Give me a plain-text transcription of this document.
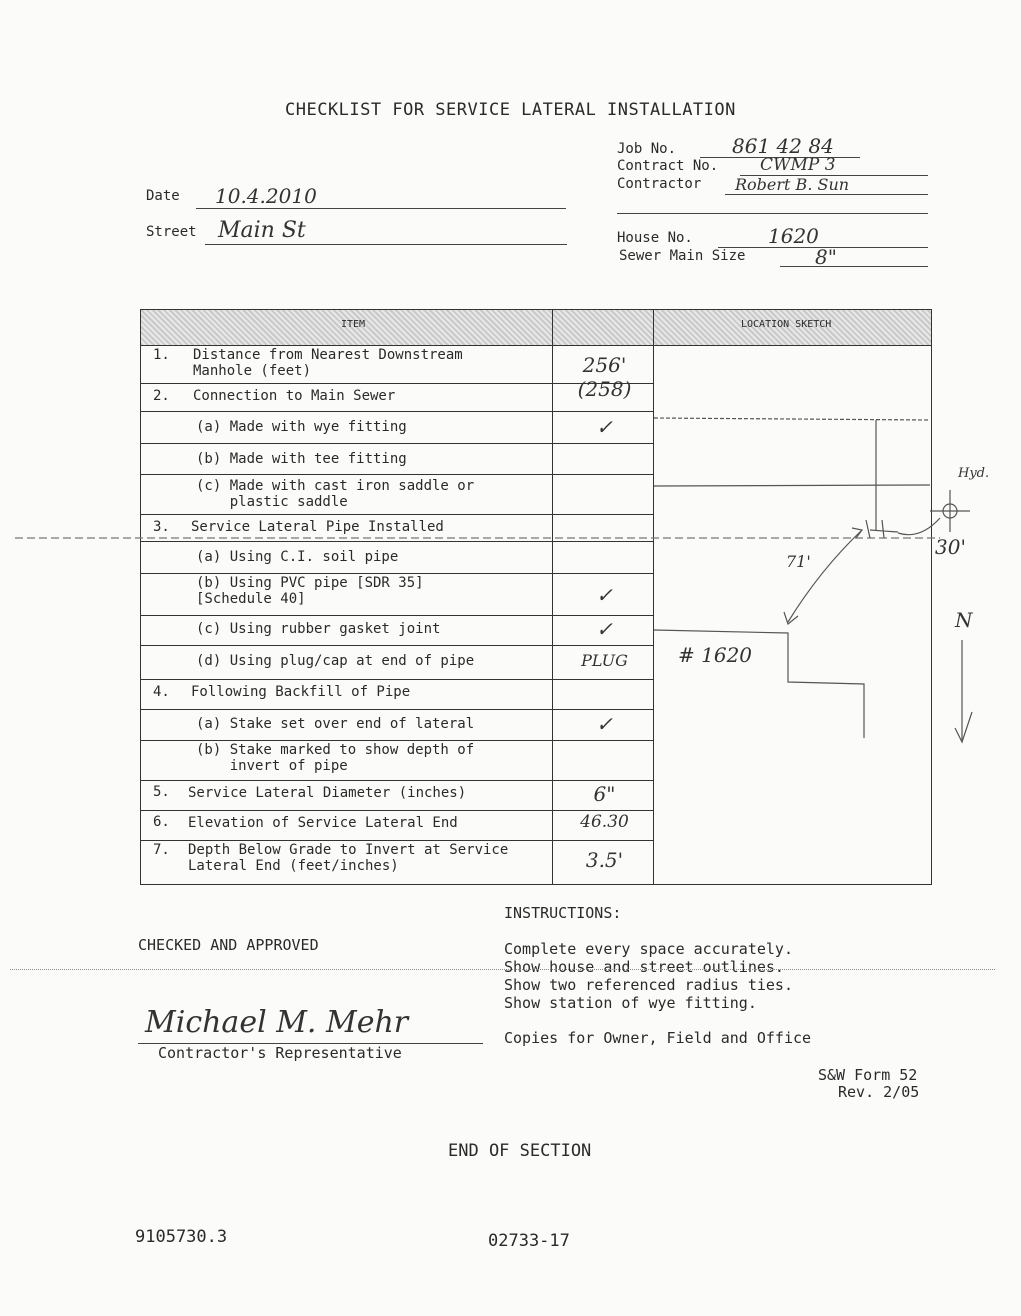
CHECKLIST FOR SERVICE LATERAL INSTALLATION
Job No.	861 42 84
Contract No. CWMP 3
Contractor Robert B. Sun
House No.	1620
Sewer Main Size	8"
Date 10.4.2010
Street Main St
ITEM	LOCATION SKETCH
1. Distance from Nearest Downstream
Manhole (feet)	256' (258)
2. Connection to Main Sewer
(a) Made with wye fitting	✓
(b) Made with tee fitting
(c) Made with cast iron saddle or
plastic saddle
3. Service Lateral Pipe Installed
(a) Using C.I. soil pipe
(b) Using PVC pipe [SDR 35]
[Schedule 40]	✓
(c) Using rubber gasket joint	✓
(d) Using plug/cap at end of pipe	PLUG
4. Following Backfill of Pipe
(a) Stake set over end of lateral	✓
(b) Stake marked to show depth of
invert of pipe
5. Service Lateral Diameter (inches)	6"
6. Elevation of Service Lateral End	46.30
7. Depth Below Grade to Invert at Service
Lateral End (feet/inches)	3.5'
# 1620
71'
Hyd.
30'
N
INSTRUCTIONS:
Complete every space accurately.
Show house and street outlines.
Show two referenced radius ties.
Show station of wye fitting.
Copies for Owner, Field and Office
CHECKED AND APPROVED
Michael M. Mehr
Contractor's Representative
S&W Form 52
Rev. 2/05
END OF SECTION
9105730.3	02733-17
